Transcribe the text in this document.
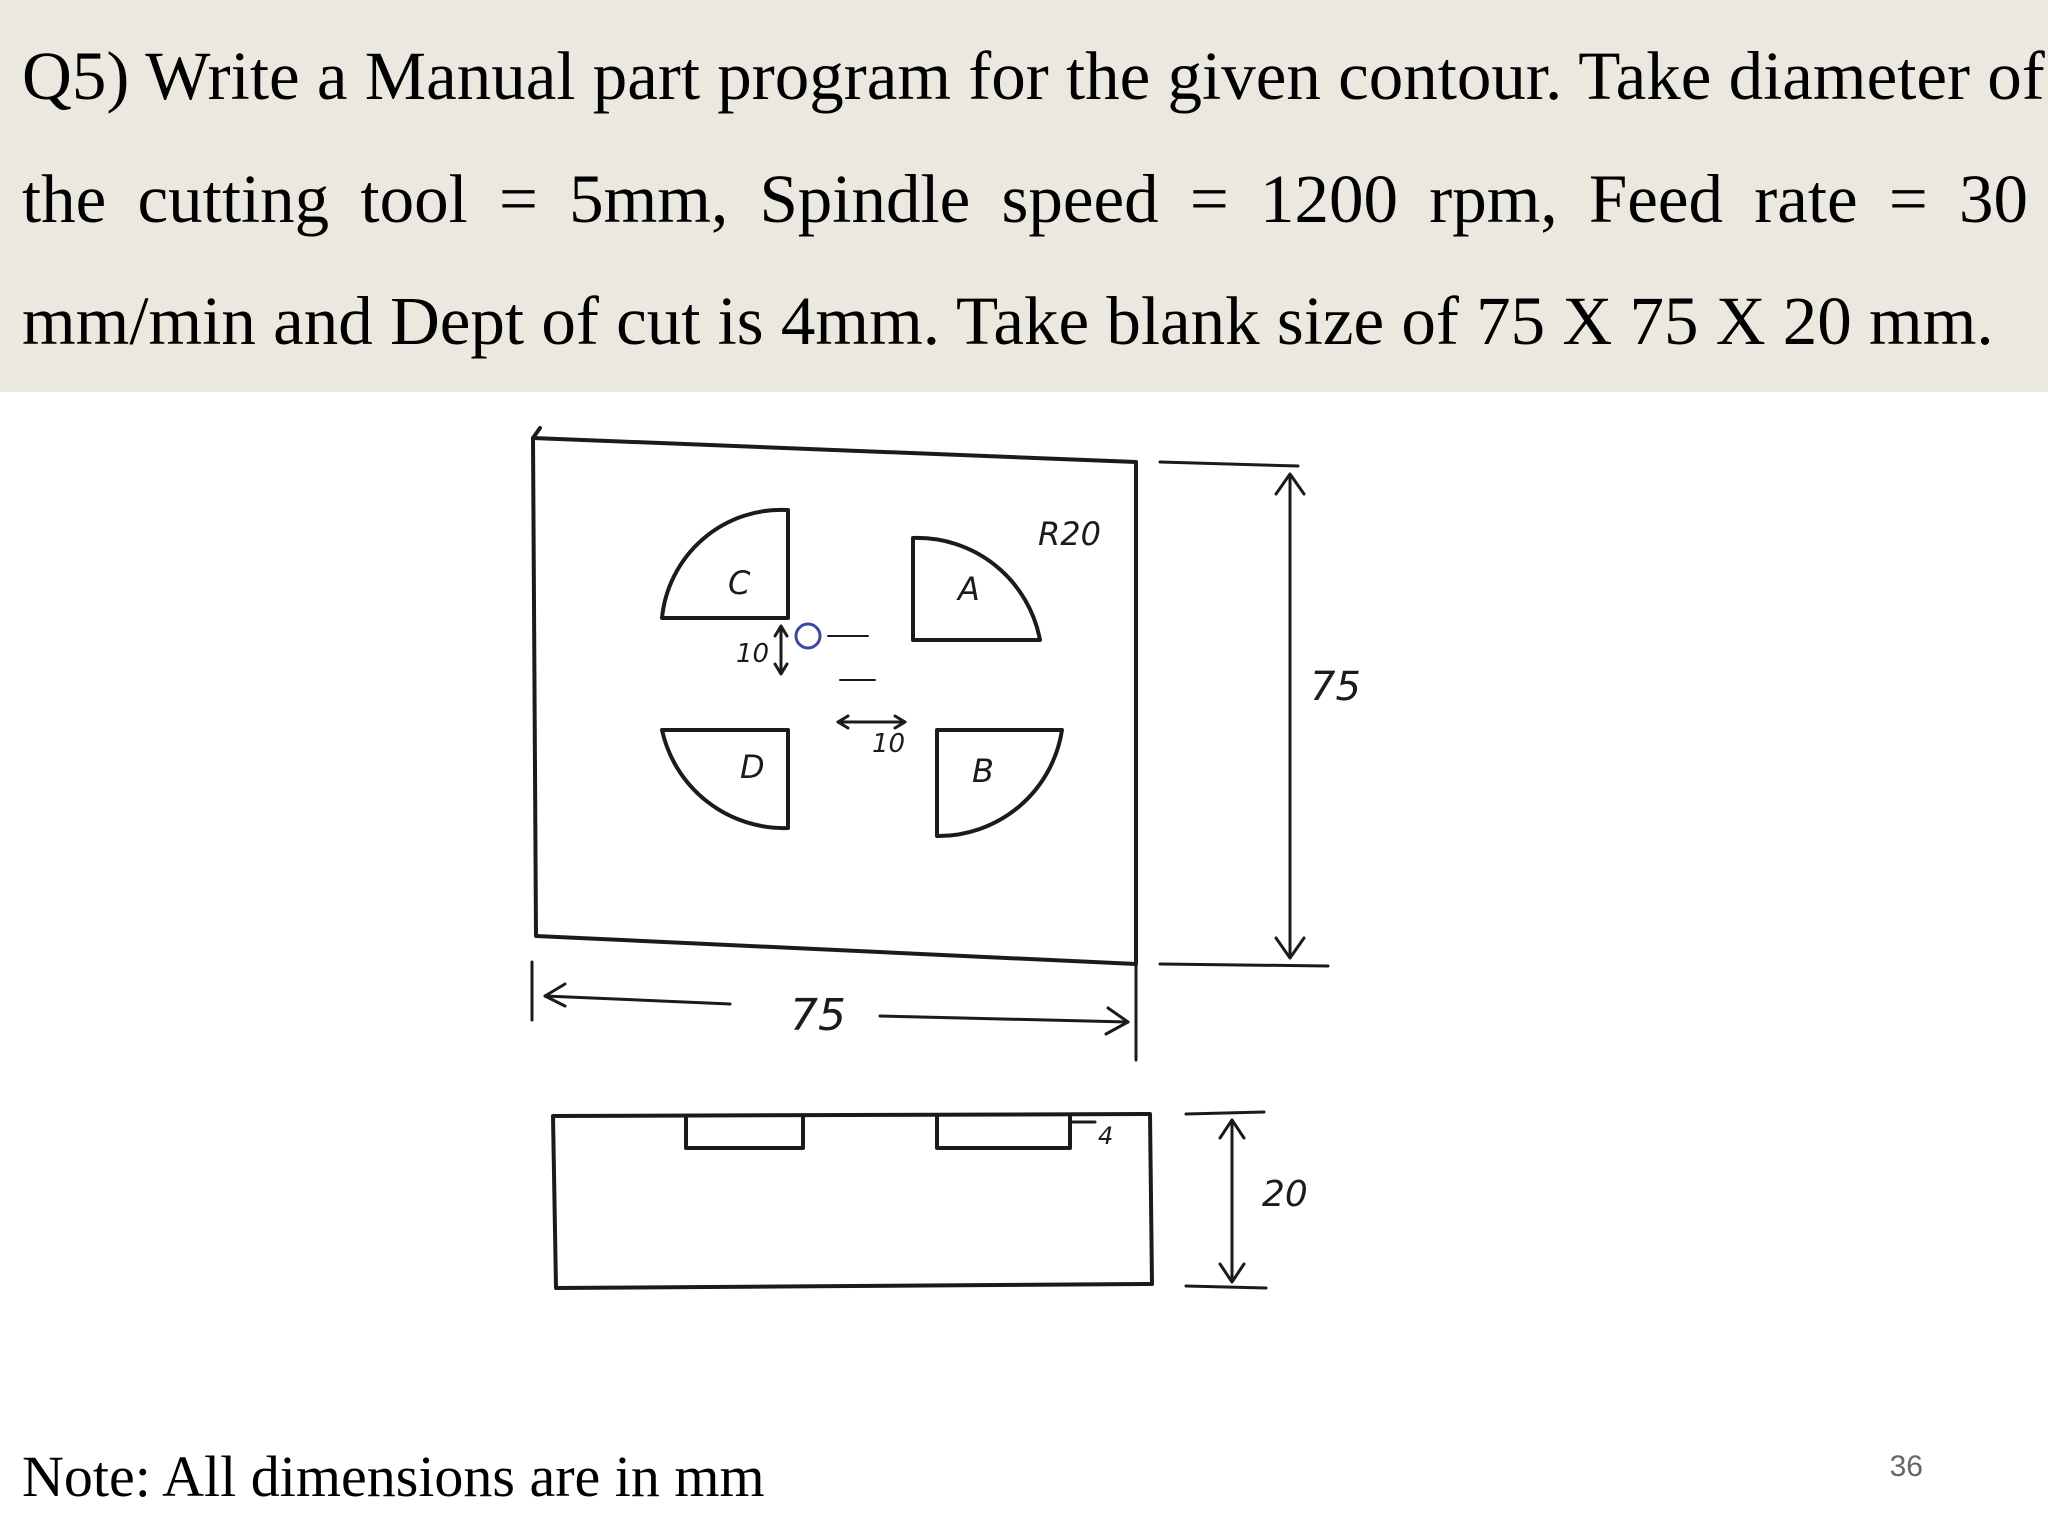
Q5) Write a Manual part program for the given contour. Take diameter of
the cutting tool = 5mm, Spindle speed = 1200 rpm, Feed rate = 30
mm/min and Dept of cut is 4mm. Take blank size of 75 X 75 X 20 mm.
R20
A
C
D	B
10
10
75
75
20
4
Note: All dimensions are in mm	36
